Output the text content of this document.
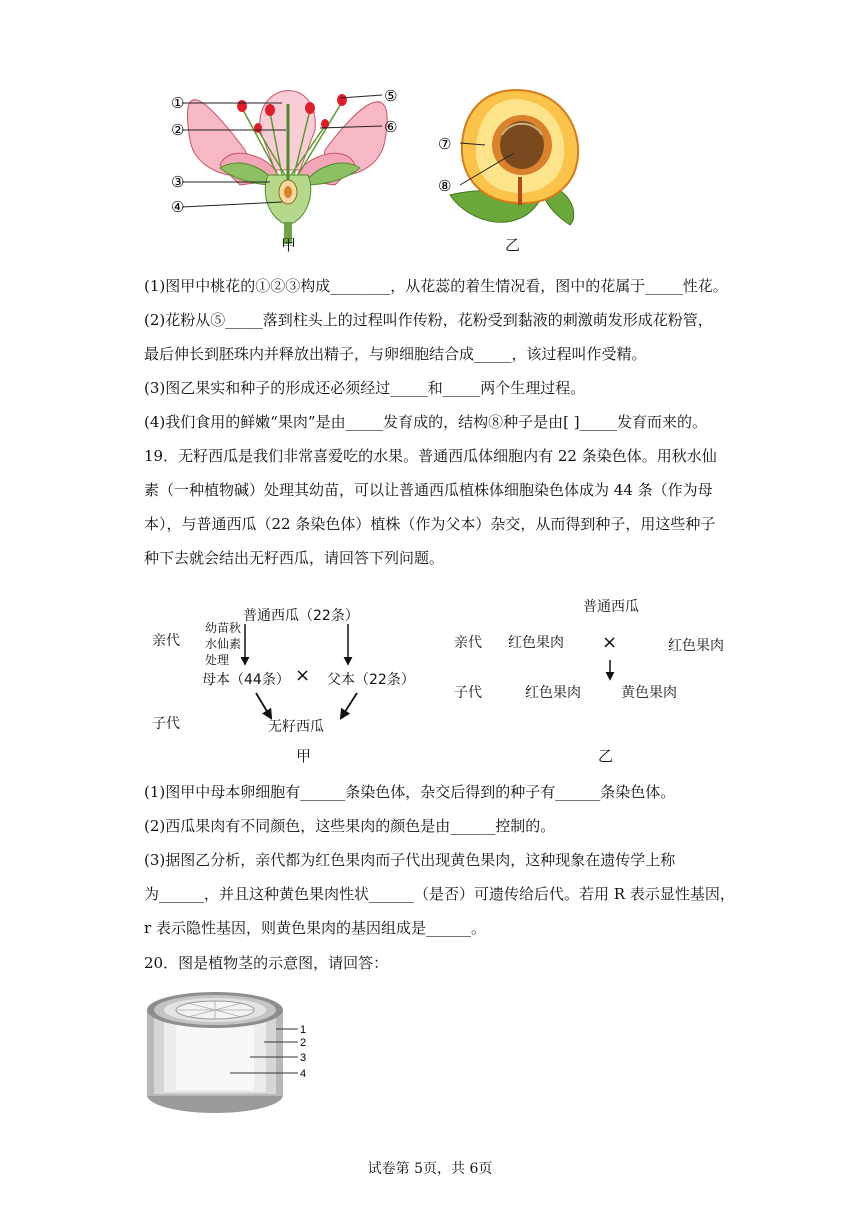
①
②
③
④
⑤
⑥
甲
⑦
⑧
乙
(1)图甲中桃花的①②③构成________，从花蕊的着生情况看，图中的花属于_____性花。
(2)花粉从⑤_____落到柱头上的过程叫作传粉，花粉受到黏液的刺激萌发形成花粉管，
最后伸长到胚珠内并释放出精子，与卵细胞结合成_____，该过程叫作受精。
(3)图乙果实和种子的形成还必须经过_____和_____两个生理过程。
(4)我们食用的鲜嫩“果肉”是由_____发育成的，结构⑧种子是由[ ]_____发育而来的。
19．无籽西瓜是我们非常喜爱吃的水果。普通西瓜体细胞内有 22 条染色体。用秋水仙
素（一种植物碱）处理其幼苗，可以让普通西瓜植株体细胞染色体成为 44 条（作为母
本），与普通西瓜（22 条染色体）植株（作为父本）杂交，从而得到种子，用这些种子
种下去就会结出无籽西瓜，请回答下列问题。
亲代
子代
普通西瓜（22条）
幼苗秋
水仙素
处理
母本（44条） × 父本（22条）
无籽西瓜
甲
普通西瓜
亲代
子代
红色果肉 ×	红色果肉
红色果肉	黄色果肉
乙
(1)图甲中母本卵细胞有______条染色体，杂交后得到的种子有______条染色体。
(2)西瓜果肉有不同颜色，这些果肉的颜色是由______控制的。
(3)据图乙分析，亲代都为红色果肉而子代出现黄色果肉，这种现象在遗传学上称
为______，并且这种黄色果肉性状______（是否）可遗传给后代。若用 R 表示显性基因，
r 表示隐性基因，则黄色果肉的基因组成是______。
20．图是植物茎的示意图，请回答：
1
2
3
4
试卷第 5页，共 6页
